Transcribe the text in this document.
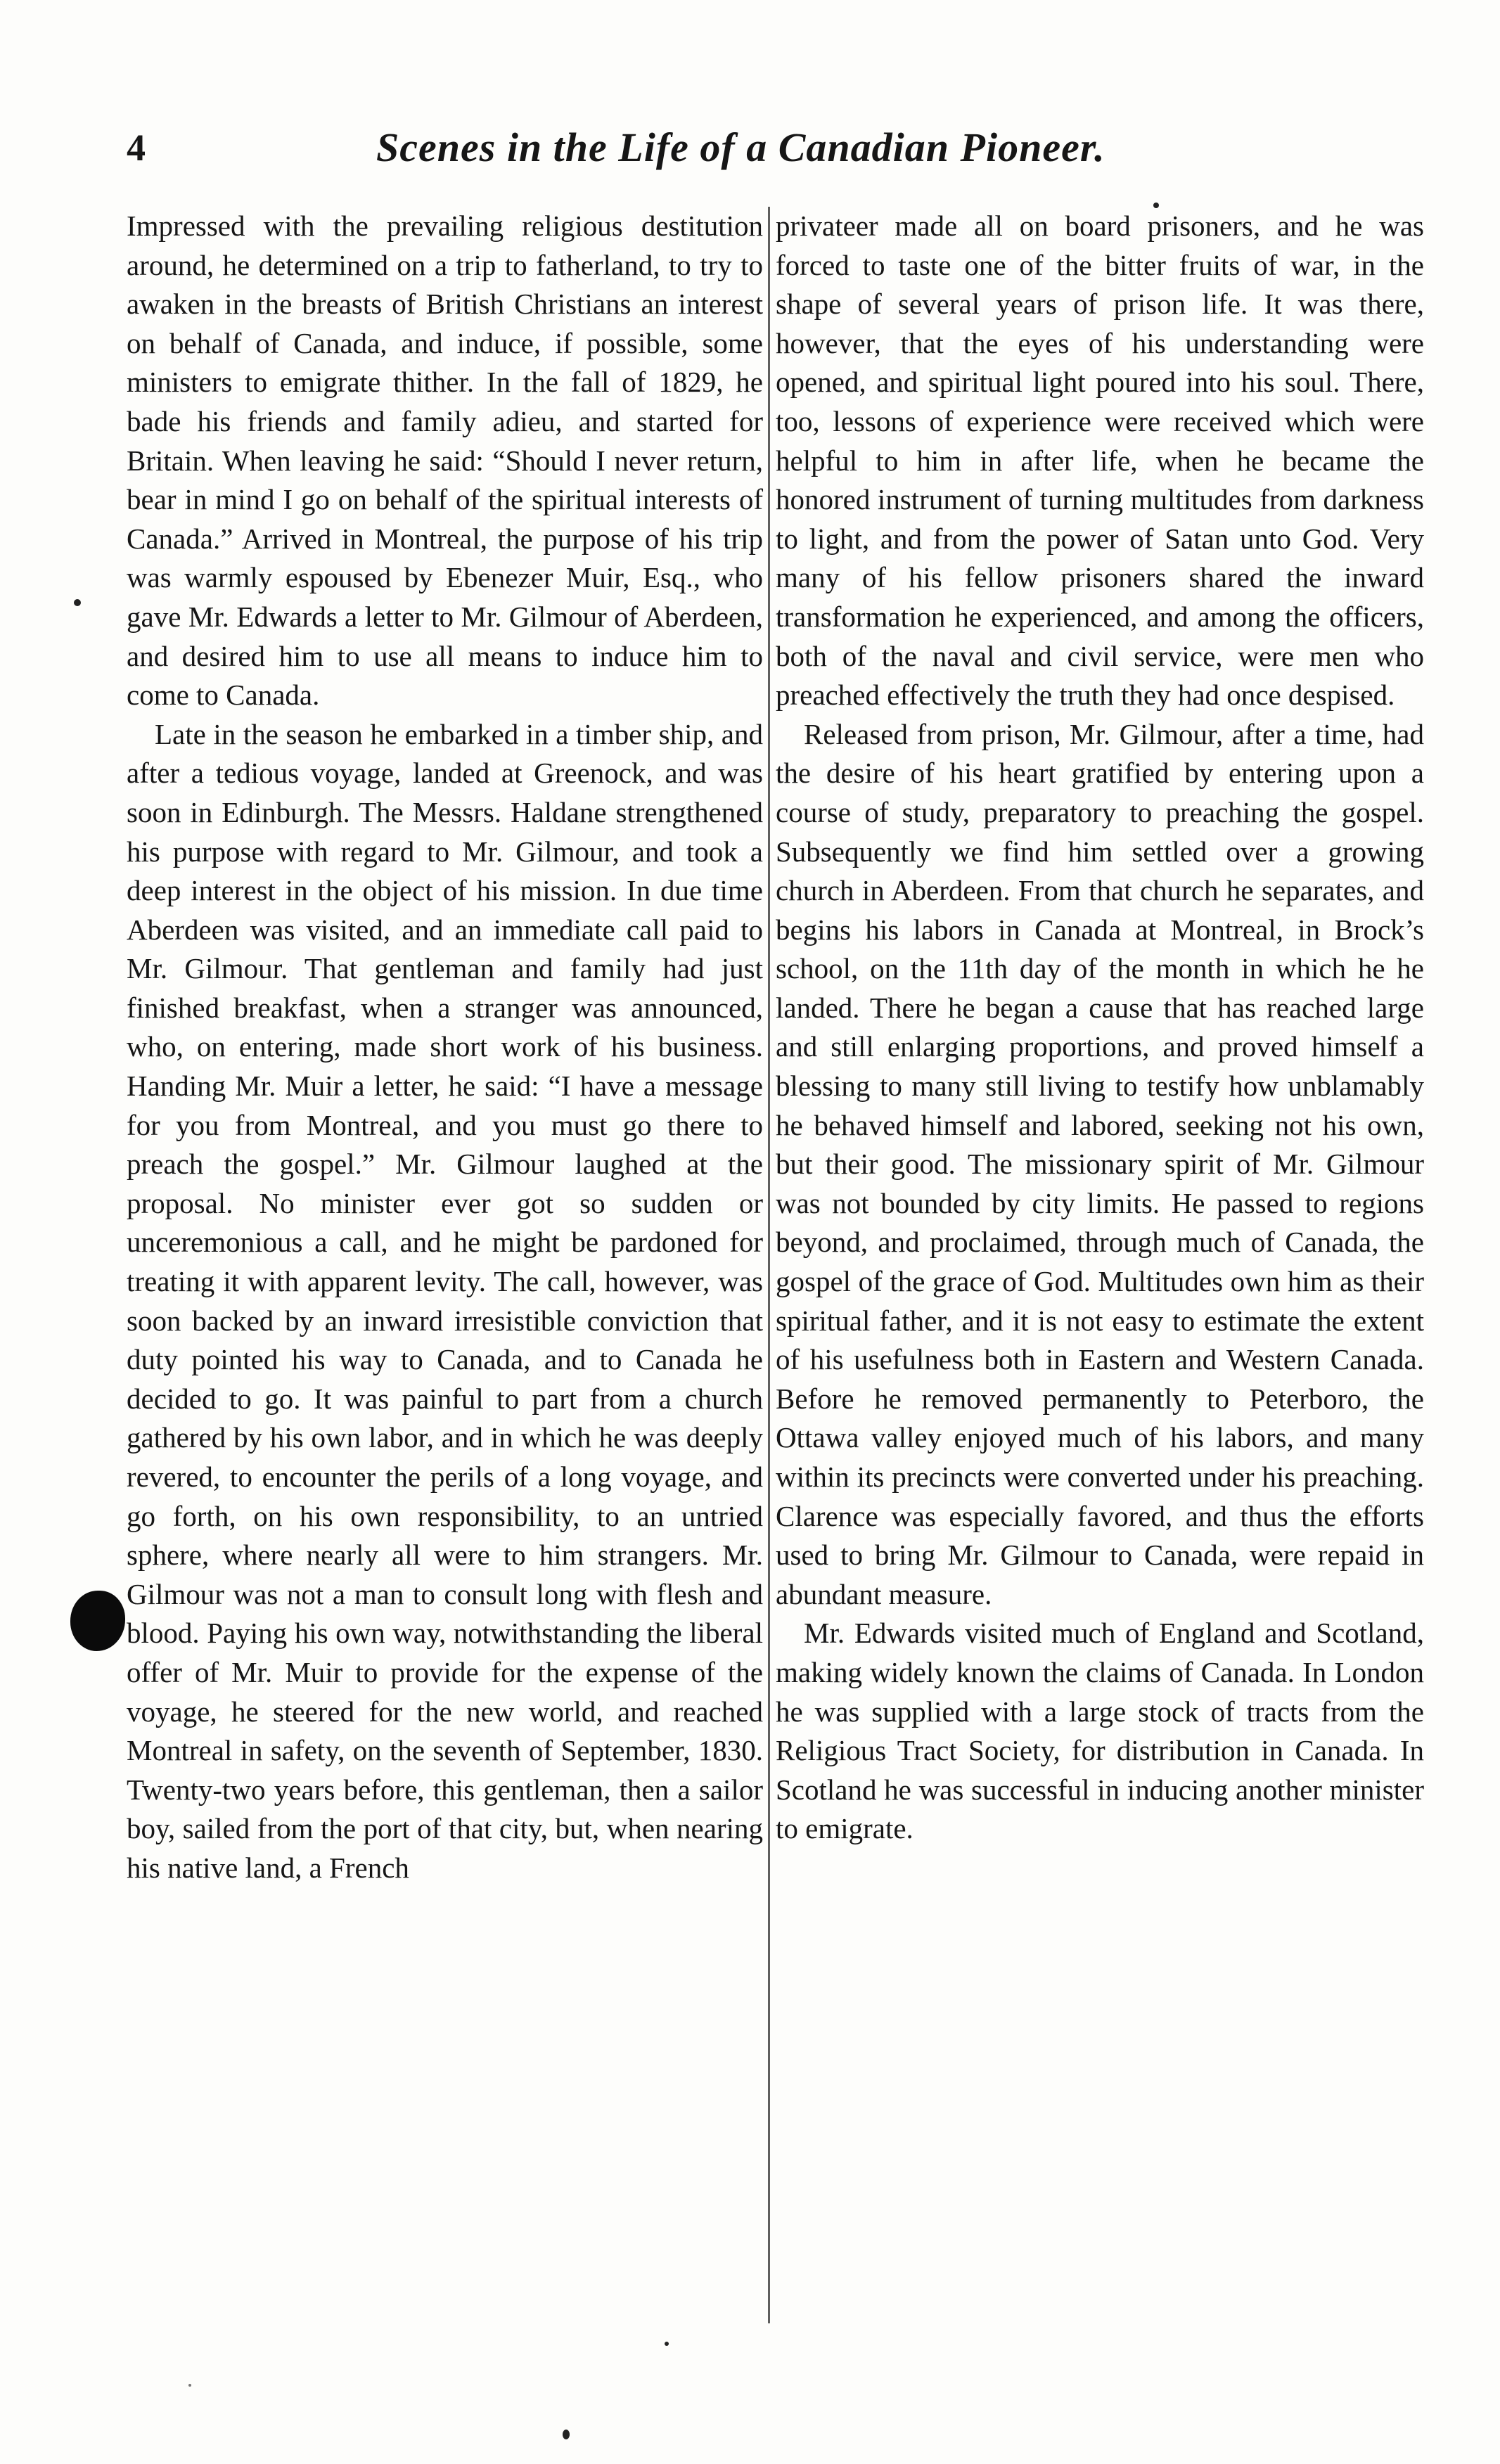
4	Scenes in the Life of a Canadian Pioneer.

Impressed with the prevailing religious destitution around, he determined on a trip to fatherland, to try to awaken in the breasts of British Christians an interest on behalf of Canada, and induce, if possible, some ministers to emigrate thither. In the fall of 1829, he bade his friends and family adieu, and started for Britain. When leaving he said: “Should I never return, bear in mind I go on behalf of the spiritual interests of Canada.” Arrived in Montreal, the purpose of his trip was warmly espoused by Ebenezer Muir, Esq., who gave Mr. Edwards a letter to Mr. Gilmour of Aberdeen, and desired him to use all means to induce him to come to Canada.

Late in the season he embarked in a timber ship, and after a tedious voyage, landed at Greenock, and was soon in Edinburgh. The Messrs. Haldane strengthened his purpose with regard to Mr. Gilmour, and took a deep interest in the object of his mission. In due time Aberdeen was visited, and an immediate call paid to Mr. Gilmour. That gentleman and family had just finished breakfast, when a stranger was announced, who, on entering, made short work of his business. Handing Mr. Muir a letter, he said: “I have a message for you from Montreal, and you must go there to preach the gospel.” Mr. Gilmour laughed at the proposal. No minister ever got so sudden or unceremonious a call, and he might be pardoned for treating it with apparent levity. The call, however, was soon backed by an inward irresistible conviction that duty pointed his way to Canada, and to Canada he decided to go. It was painful to part from a church gathered by his own labor, and in which he was deeply revered, to encounter the perils of a long voyage, and go forth, on his own responsibility, to an untried sphere, where nearly all were to him strangers. Mr. Gilmour was not a man to consult long with flesh and blood. Paying his own way, notwithstanding the liberal offer of Mr. Muir to provide for the expense of the voyage, he steered for the new world, and reached Montreal in safety, on the seventh of September, 1830. Twenty-two years before, this gentleman, then a sailor boy, sailed from the port of that city, but, when nearing his native land, a French

privateer made all on board prisoners, and he was forced to taste one of the bitter fruits of war, in the shape of several years of prison life. It was there, however, that the eyes of his understanding were opened, and spiritual light poured into his soul. There, too, lessons of experience were received which were helpful to him in after life, when he became the honored instrument of turning multitudes from darkness to light, and from the power of Satan unto God. Very many of his fellow prisoners shared the inward transformation he experienced, and among the officers, both of the naval and civil service, were men who preached effectively the truth they had once despised.

Released from prison, Mr. Gilmour, after a time, had the desire of his heart gratified by entering upon a course of study, preparatory to preaching the gospel. Subsequently we find him settled over a growing church in Aberdeen. From that church he separates, and begins his labors in Canada at Montreal, in Brock’s school, on the 11th day of the month in which he he landed. There he began a cause that has reached large and still enlarging proportions, and proved himself a blessing to many still living to testify how unblamably he behaved himself and labored, seeking not his own, but their good. The missionary spirit of Mr. Gilmour was not bounded by city limits. He passed to regions beyond, and proclaimed, through much of Canada, the gospel of the grace of God. Multitudes own him as their spiritual father, and it is not easy to estimate the extent of his usefulness both in Eastern and Western Canada. Before he removed permanently to Peterboro, the Ottawa valley enjoyed much of his labors, and many within its precincts were converted under his preaching. Clarence was especially favored, and thus the efforts used to bring Mr. Gilmour to Canada, were repaid in abundant measure.

Mr. Edwards visited much of England and Scotland, making widely known the claims of Canada. In London he was supplied with a large stock of tracts from the Religious Tract Society, for distribution in Canada. In Scotland he was successful in inducing another minister to emigrate.
